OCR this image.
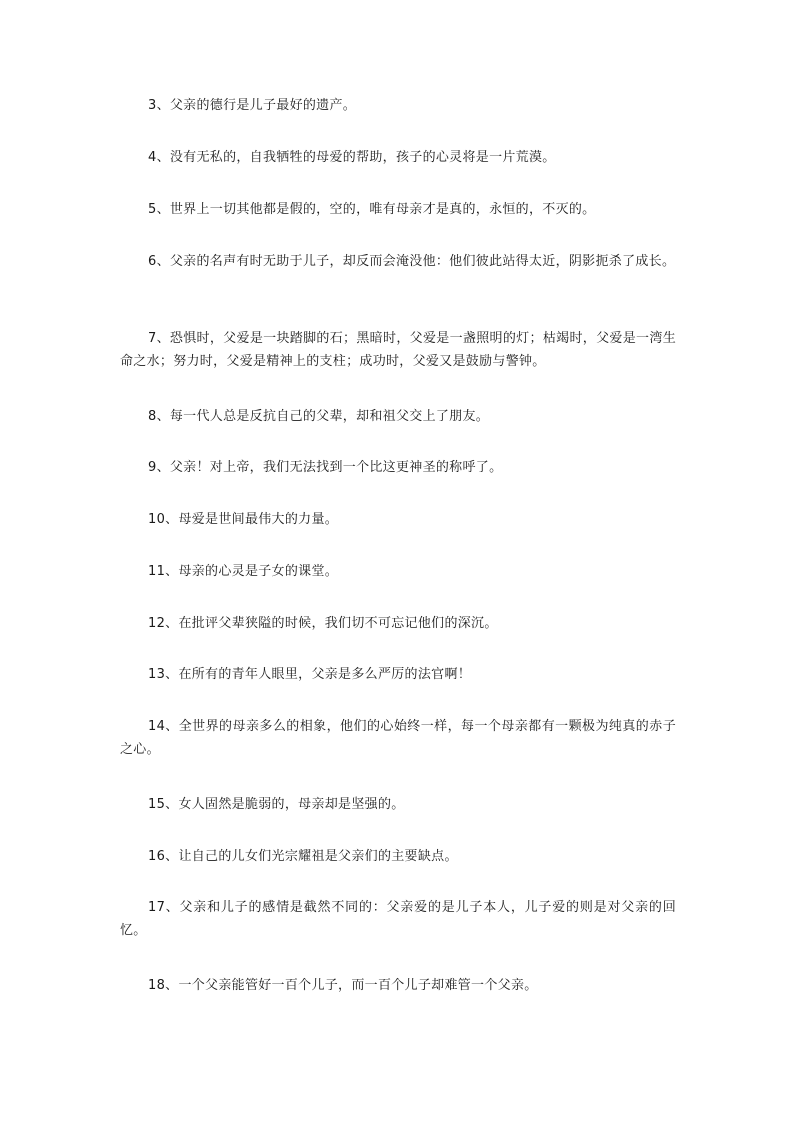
3、父亲的德行是儿子最好的遗产。

4、没有无私的，自我牺牲的母爱的帮助，孩子的心灵将是一片荒漠。

5、世界上一切其他都是假的，空的，唯有母亲才是真的，永恒的，不灭的。

6、父亲的名声有时无助于儿子，却反而会淹没他：他们彼此站得太近，阴影扼杀了成长。

7、恐惧时，父爱是一块踏脚的石；黑暗时，父爱是一盏照明的灯；枯竭时，父爱是一湾生命之水；努力时，父爱是精神上的支柱；成功时，父爱又是鼓励与警钟。

8、每一代人总是反抗自己的父辈，却和祖父交上了朋友。

9、父亲！对上帝，我们无法找到一个比这更神圣的称呼了。

10、母爱是世间最伟大的力量。

11、母亲的心灵是子女的课堂。

12、在批评父辈狭隘的时候，我们切不可忘记他们的深沉。

13、在所有的青年人眼里，父亲是多么严厉的法官啊！

14、全世界的母亲多么的相象，他们的心始终一样，每一个母亲都有一颗极为纯真的赤子之心。

15、女人固然是脆弱的，母亲却是坚强的。

16、让自己的儿女们光宗耀祖是父亲们的主要缺点。

17、父亲和儿子的感情是截然不同的：父亲爱的是儿子本人，儿子爱的则是对父亲的回忆。

18、一个父亲能管好一百个儿子，而一百个儿子却难管一个父亲。
